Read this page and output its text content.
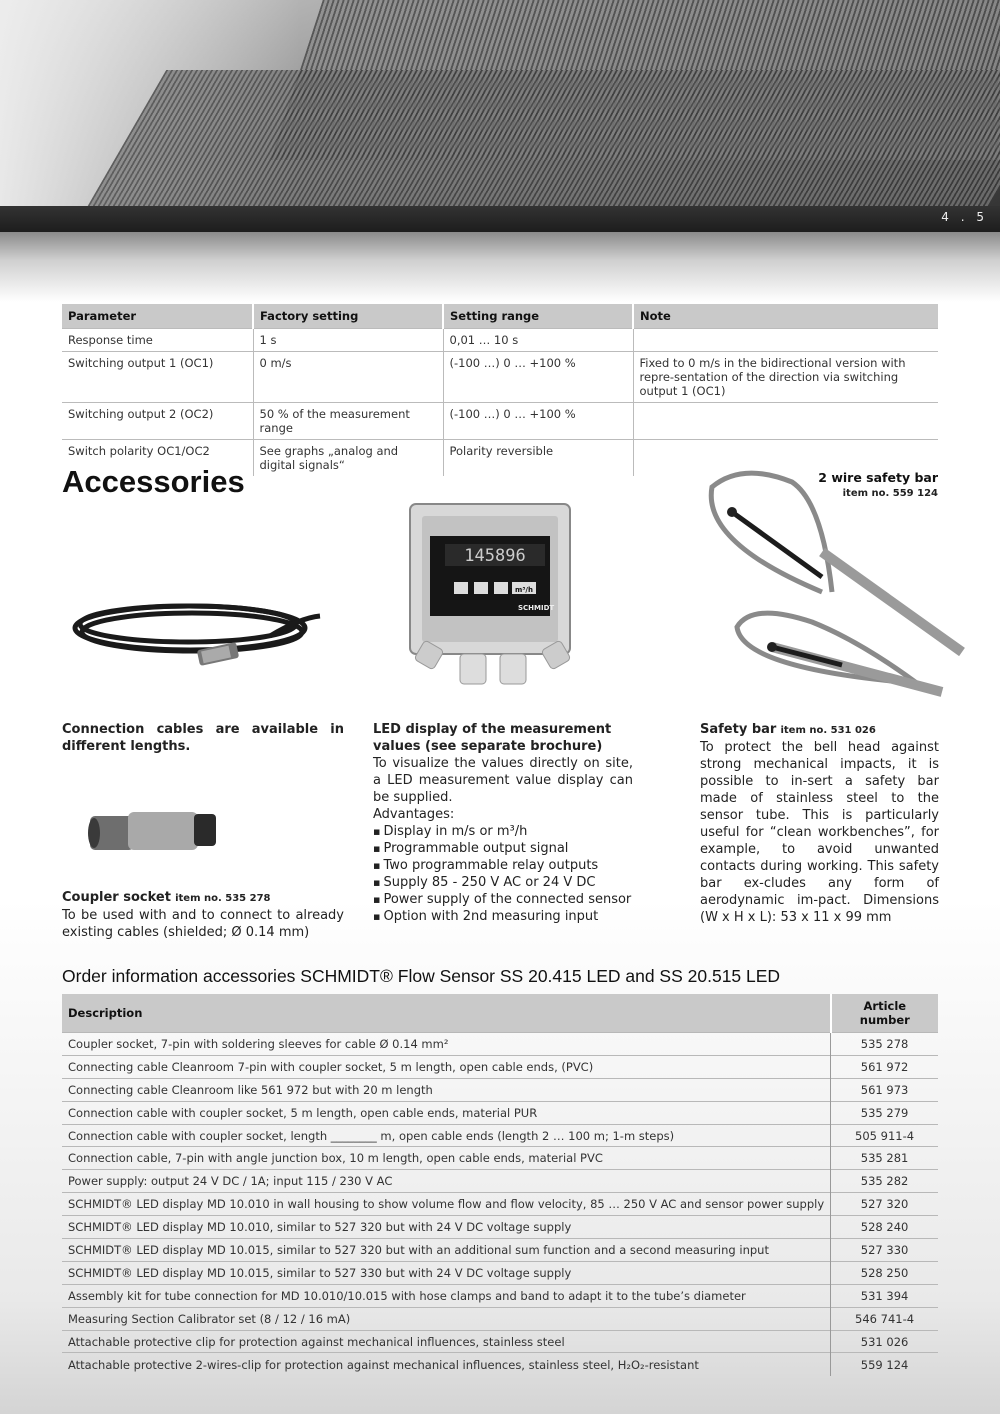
4 . 5
Parameter	Factory setting	Setting range	Note
Response time	1 s	0,01 … 10 s	
Switching output 1 (OC1)	0 m/s	(-100 …) 0 … +100 %	Fixed to 0 m/s in the bidirectional version with repre-sentation of the direction via switching output 1 (OC1)
Switching output 2 (OC2)	50 % of the measurement range	(-100 …) 0 … +100 %	
Switch polarity OC1/OC2	See graphs „analog and digital signals“	Polarity reversible	
Accessories	2 wire safety bar
item no. 559 124
145896
m³/h
SCHMIDT
Connection cables are available in different lengths.
Coupler socket item no. 535 278
To be used with and to connect to already existing cables (shielded; Ø 0.14 mm)
LED display of the measurement values (see separate brochure)
To visualize the values directly on site, a LED measurement value display can be supplied.
Advantages:
▪ Display in m/s or m³/h
▪ Programmable output signal
▪ Two programmable relay outputs
▪ Supply 85 - 250 V AC or 24 V DC
▪ Power supply of the connected sensor
▪ Option with 2nd measuring input
Safety bar item no. 531 026
To protect the bell head against strong mechanical impacts, it is possible to in-sert a safety bar made of stainless steel to the sensor tube. This is particularly useful for “clean workbenches”, for example, to avoid unwanted contacts during working. This safety bar ex-cludes any form of aerodynamic im-pact. Dimensions (W x H x L): 53 x 11 x 99 mm
Order information accessories SCHMIDT® Flow Sensor SS 20.415 LED and SS 20.515 LED
Description	Article number
Coupler socket, 7-pin with soldering sleeves for cable Ø 0.14 mm²	535 278
Connecting cable Cleanroom 7-pin with coupler socket, 5 m length, open cable ends, (PVC)	561 972
Connecting cable Cleanroom like 561 972 but with 20 m length	561 973
Connection cable with coupler socket, 5 m length, open cable ends, material PUR	535 279
Connection cable with coupler socket, length ________ m, open cable ends (length 2 … 100 m; 1-m steps)	505 911-4
Connection cable, 7-pin with angle junction box, 10 m length, open cable ends, material PVC	535 281
Power supply: output 24 V DC / 1A; input 115 / 230 V AC	535 282
SCHMIDT® LED display MD 10.010 in wall housing to show volume flow and flow velocity, 85 … 250 V AC and sensor power supply	527 320
SCHMIDT® LED display MD 10.010, similar to 527 320 but with 24 V DC voltage supply	528 240
SCHMIDT® LED display MD 10.015, similar to 527 320 but with an additional sum function and a second measuring input	527 330
SCHMIDT® LED display MD 10.015, similar to 527 330 but with 24 V DC voltage supply	528 250
Assembly kit for tube connection for MD 10.010/10.015 with hose clamps and band to adapt it to the tube’s diameter	531 394
Measuring Section Calibrator set (8 / 12 / 16 mA)	546 741-4
Attachable protective clip for protection against mechanical influences, stainless steel	531 026
Attachable protective 2-wires-clip for protection against mechanical influences, stainless steel, H₂O₂-resistant	559 124
